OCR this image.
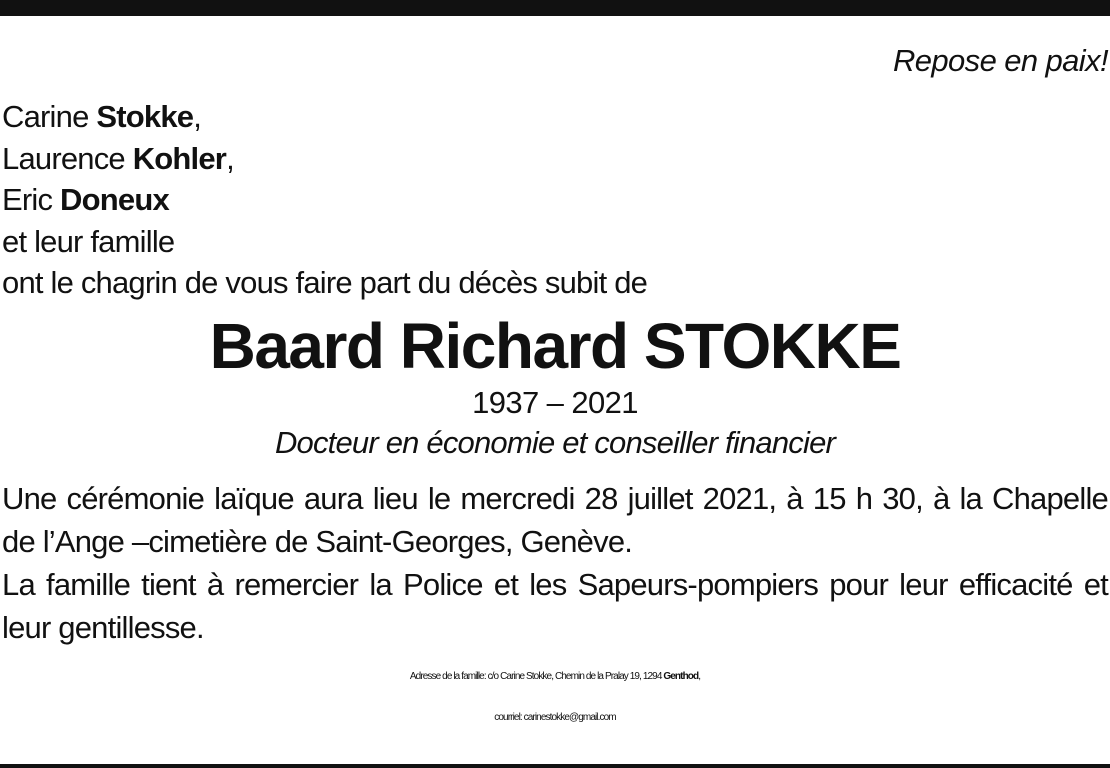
Repose en paix!
Carine Stokke,
Laurence Kohler,
Eric Doneux
et leur famille
ont le chagrin de vous faire part du décès subit de
Baard Richard STOKKE
1937 – 2021
Docteur en économie et conseiller financier
Une cérémonie laïque aura lieu le mercredi 28 juillet 2021, à 15 h 30, à la Chapelle de l’Ange –cimetière de Saint-Georges, Genève.
La famille tient à remercier la Police et les Sapeurs-pompiers pour leur efficacité et leur gentillesse.
Adresse de la famille: c/o Carine Stokke, Chemin de la Pralay 19, 1294 Genthod,
courriel: carinestokke@gmail.com
